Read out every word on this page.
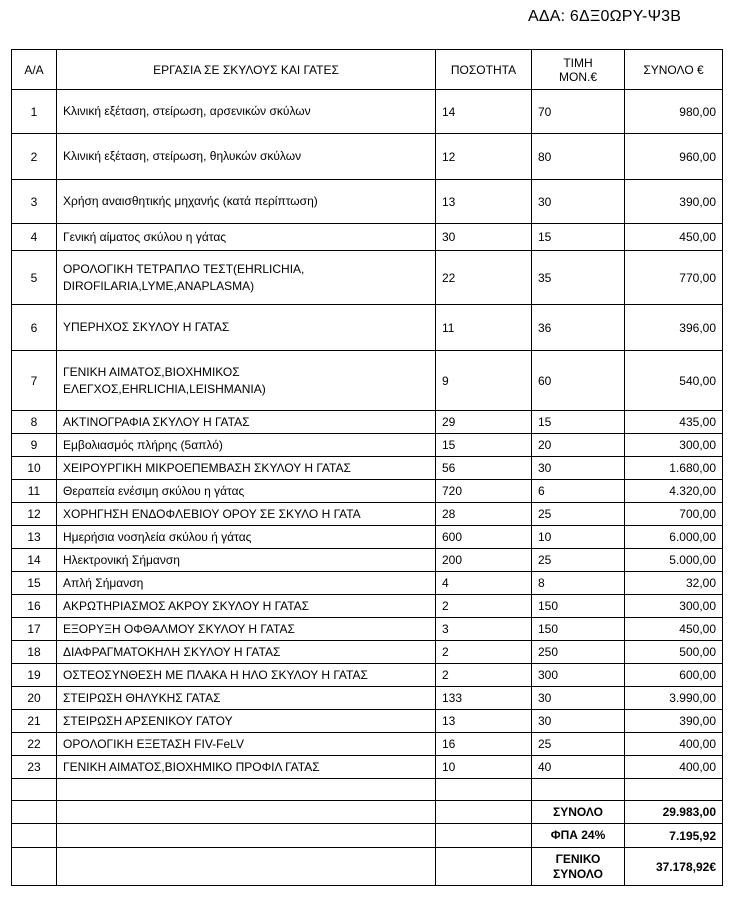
ΑΔΑ: 6ΔΞ0ΩΡΥ-Ψ3Β
Α/Α	ΕΡΓΑΣΙΑ ΣΕ ΣΚΥΛΟΥΣ ΚΑΙ ΓΑΤΕΣ	ΠΟΣΟΤΗΤΑ	ΤΙΜΗ
ΜΟΝ.€	ΣΥΝΟΛΟ €
1	Κλινική εξέταση, στείρωση, αρσενικών σκύλων	14	70	980,00
2	Κλινική εξέταση, στείρωση, θηλυκών σκύλων	12	80	960,00
3	Χρήση αναισθητικής μηχανής (κατά περίπτωση)	13	30	390,00
4	Γενική αίματος σκύλου η γάτας	30	15	450,00
5	ΟΡΟΛΟΓΙΚΗ ΤΕΤΡΑΠΛΟ ΤΕΣΤ(EHRLICHIA,
DIROFILARIA,LYME,ANAPLASMA)	22	35	770,00
6	ΥΠΕΡΗΧΟΣ ΣΚΥΛΟΥ Η ΓΑΤΑΣ	11	36	396,00
7	ΓΕΝΙΚΗ ΑΙΜΑΤΟΣ,ΒΙΟΧΗΜΙΚΟΣ
ΕΛΕΓΧΟΣ,EHRLICHIA,LEISHMANIA)	9	60	540,00
8	ΑΚΤΙΝΟΓΡΑΦΙΑ ΣΚΥΛΟΥ Η ΓΑΤΑΣ	29	15	435,00
9	Εμβολιασμός πλήρης (5απλό)	15	20	300,00
10	ΧΕΙΡΟΥΡΓΙΚΗ ΜΙΚΡΟΕΠΕΜΒΑΣΗ ΣΚΥΛΟΥ Η ΓΑΤΑΣ	56	30	1.680,00
11	Θεραπεία ενέσιμη σκύλου η γάτας	720	6	4.320,00
12	ΧΟΡΗΓΗΣΗ ΕΝΔΟΦΛΕΒΙΟΥ ΟΡΟΥ ΣΕ ΣΚΥΛΟ Η ΓΑΤΑ	28	25	700,00
13	Ημερήσια νοσηλεία σκύλου ή γάτας	600	10	6.000,00
14	Ηλεκτρονική Σήμανση	200	25	5.000,00
15	Απλή Σήμανση	4	8	32,00
16	ΑΚΡΩΤΗΡΙΑΣΜΟΣ ΑΚΡΟΥ ΣΚΥΛΟΥ Η ΓΑΤΑΣ	2	150	300,00
17	ΕΞΟΡΥΞΗ ΟΦΘΑΛΜΟΥ ΣΚΥΛΟΥ Η ΓΑΤΑΣ	3	150	450,00
18	ΔΙΑΦΡΑΓΜΑΤΟΚΗΛΗ ΣΚΥΛΟΥ Η ΓΑΤΑΣ	2	250	500,00
19	ΟΣΤΕΟΣΥΝΘΕΣΗ ΜΕ ΠΛΑΚΑ Η ΗΛΟ ΣΚΥΛΟΥ Η ΓΑΤΑΣ	2	300	600,00
20	ΣΤΕΙΡΩΣΗ ΘΗΛΥΚΗΣ ΓΑΤΑΣ	133	30	3.990,00
21	ΣΤΕΙΡΩΣΗ ΑΡΣΕΝΙΚΟΥ ΓΑΤΟΥ	13	30	390,00
22	ΟΡΟΛΟΓΙΚΗ ΕΞΕΤΑΣΗ FIV-FeLV	16	25	400,00
23	ΓΕΝΙΚΗ ΑΙΜΑΤΟΣ,ΒΙΟΧΗΜΙΚΟ ΠΡΟΦΙΛ ΓΑΤΑΣ	10	40	400,00

			ΣΥΝΟΛΟ	29.983,00
			ΦΠΑ 24%	7.195,92
			ΓΕΝΙΚΟ
ΣΥΝΟΛΟ	37.178,92€
